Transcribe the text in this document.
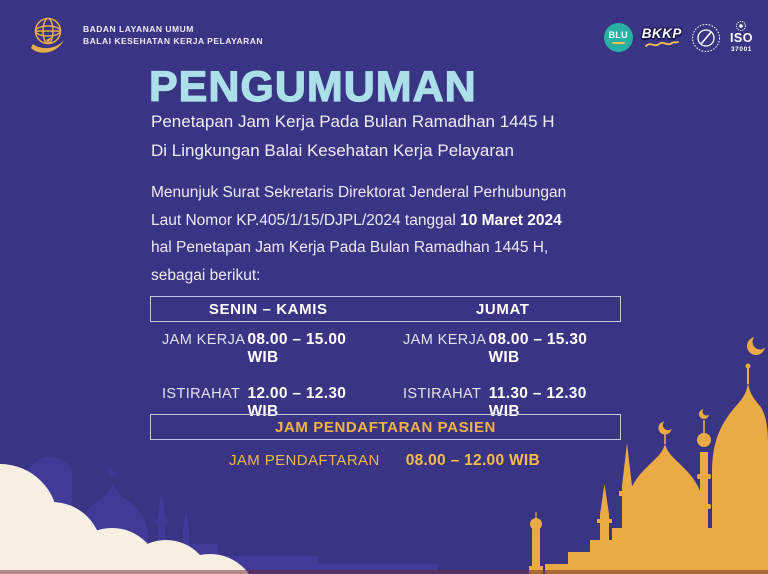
BADAN LAYANAN UMUM
BALAI KESEHATAN KERJA PELAYARAN
BLU BKKP	ISO
37001
PENGUMUMAN
Penetapan Jam Kerja Pada Bulan Ramadhan 1445 H
Di Lingkungan Balai Kesehatan Kerja Pelayaran
Menunjuk Surat Sekretaris Direktorat Jenderal Perhubungan
Laut Nomor KP.405/1/15/DJPL/2024 tanggal 10 Maret 2024
hal Penetapan Jam Kerja Pada Bulan Ramadhan 1445 H,
sebagai berikut:
SENIN – KAMIS	JUMAT
JAM KERJA 08.00 – 15.00 WIB
JAM KERJA 08.00 – 15.30 WIB
ISTIRAHAT 12.00 – 12.30 WIB
ISTIRAHAT 11.30 – 12.30 WIB
JAM PENDAFTARAN PASIEN
JAM PENDAFTARAN 08.00 – 12.00 WIB
